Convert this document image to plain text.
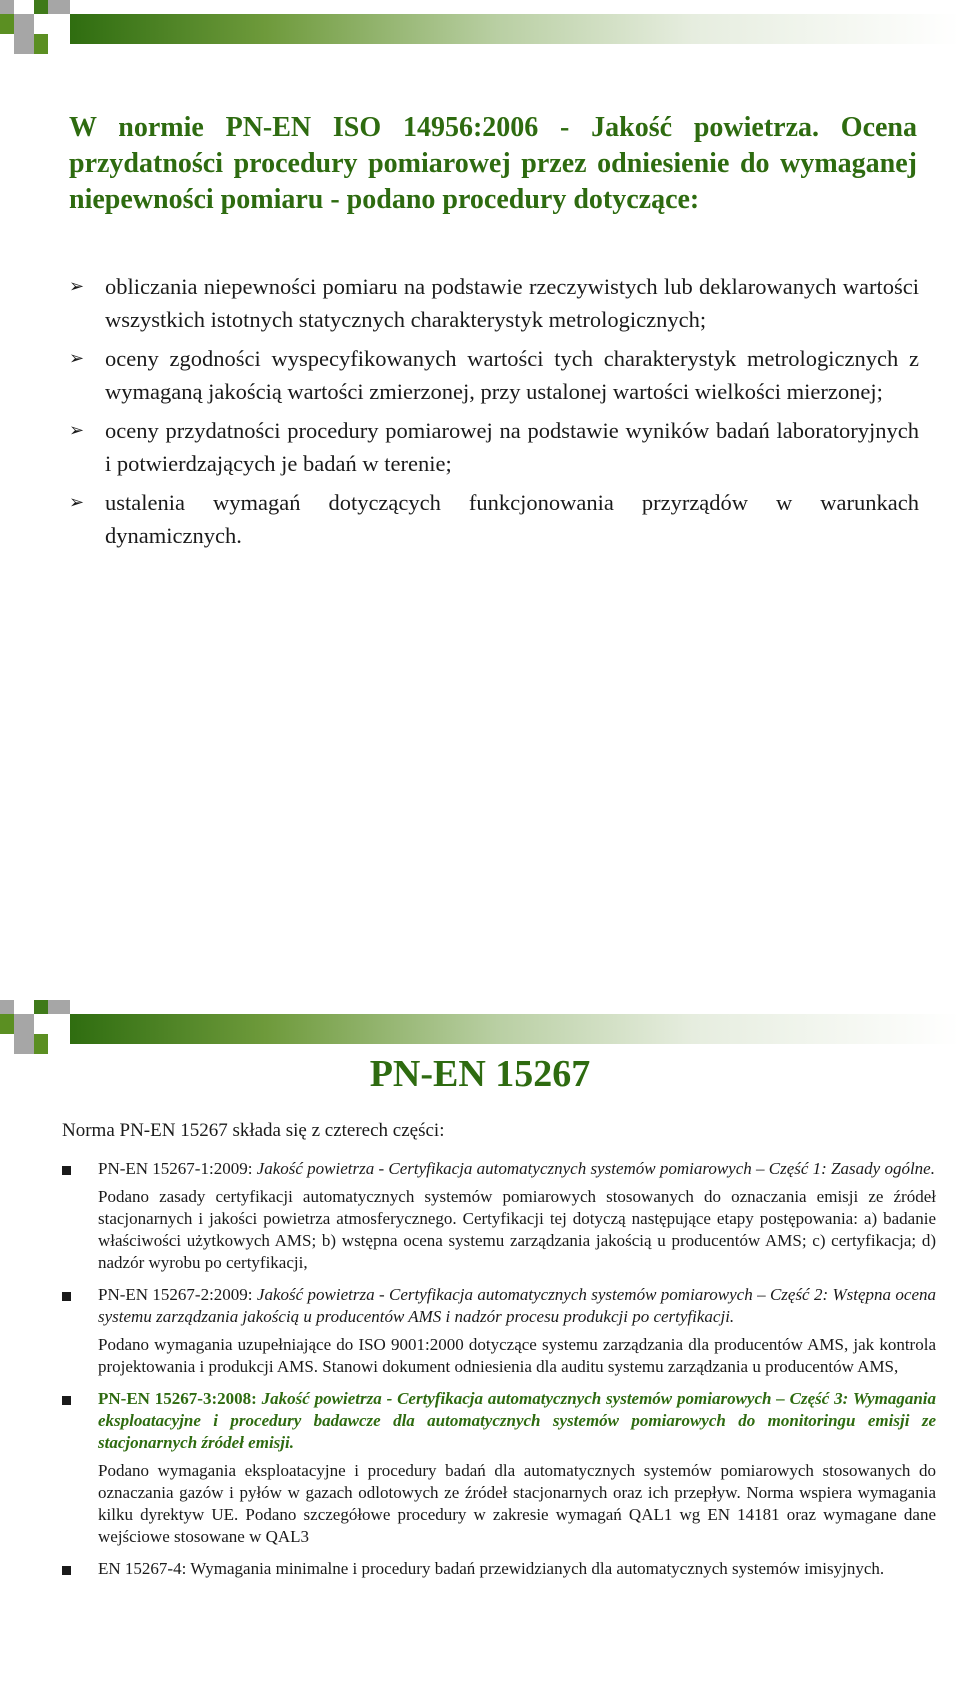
W normie PN-EN ISO 14956:2006 - Jakość powietrza. Ocena przydatności procedury pomiarowej przez odniesienie do wymaganej niepewności pomiaru - podano procedury dotyczące:
➢ obliczania niepewności pomiaru na podstawie rzeczywistych lub deklarowanych wartości wszystkich istotnych statycznych charakterystyk metrologicznych;
➢ oceny zgodności wyspecyfikowanych wartości tych charakterystyk metrologicznych z wymaganą jakością wartości zmierzonej, przy ustalonej wartości wielkości mierzonej;
➢ oceny przydatności procedury pomiarowej na podstawie wyników badań laboratoryjnych i potwierdzających je badań w terenie;
➢ ustalenia wymagań dotyczących funkcjonowania przyrządów w warunkach dynamicznych.
PN-EN 15267
Norma PN-EN 15267 składa się z czterech części:
PN-EN 15267-1:2009: Jakość powietrza - Certyfikacja automatycznych systemów pomiarowych – Część 1: Zasady ogólne.
Podano zasady certyfikacji automatycznych systemów pomiarowych stosowanych do oznaczania emisji ze źródeł stacjonarnych i jakości powietrza atmosferycznego. Certyfikacji tej dotyczą następujące etapy postępowania: a) badanie właściwości użytkowych AMS; b) wstępna ocena systemu zarządzania jakością u producentów AMS; c) certyfikacja; d) nadzór wyrobu po certyfikacji,
PN-EN 15267-2:2009: Jakość powietrza - Certyfikacja automatycznych systemów pomiarowych – Część 2: Wstępna ocena systemu zarządzania jakością u producentów AMS i nadzór procesu produkcji po certyfikacji.
Podano wymagania uzupełniające do ISO 9001:2000 dotyczące systemu zarządzania dla producentów AMS, jak kontrola projektowania i produkcji AMS. Stanowi dokument odniesienia dla auditu systemu zarządzania u producentów AMS,
PN-EN 15267-3:2008: Jakość powietrza - Certyfikacja automatycznych systemów pomiarowych – Część 3: Wymagania eksploatacyjne i procedury badawcze dla automatycznych systemów pomiarowych do monitoringu emisji ze stacjonarnych źródeł emisji.
Podano wymagania eksploatacyjne i procedury badań dla automatycznych systemów pomiarowych stosowanych do oznaczania gazów i pyłów w gazach odlotowych ze źródeł stacjonarnych oraz ich przepływ. Norma wspiera wymagania kilku dyrektyw UE. Podano szczegółowe procedury w zakresie wymagań QAL1 wg EN 14181 oraz wymagane dane wejściowe stosowane w QAL3
EN 15267-4: Wymagania minimalne i procedury badań przewidzianych dla automatycznych systemów imisyjnych.
